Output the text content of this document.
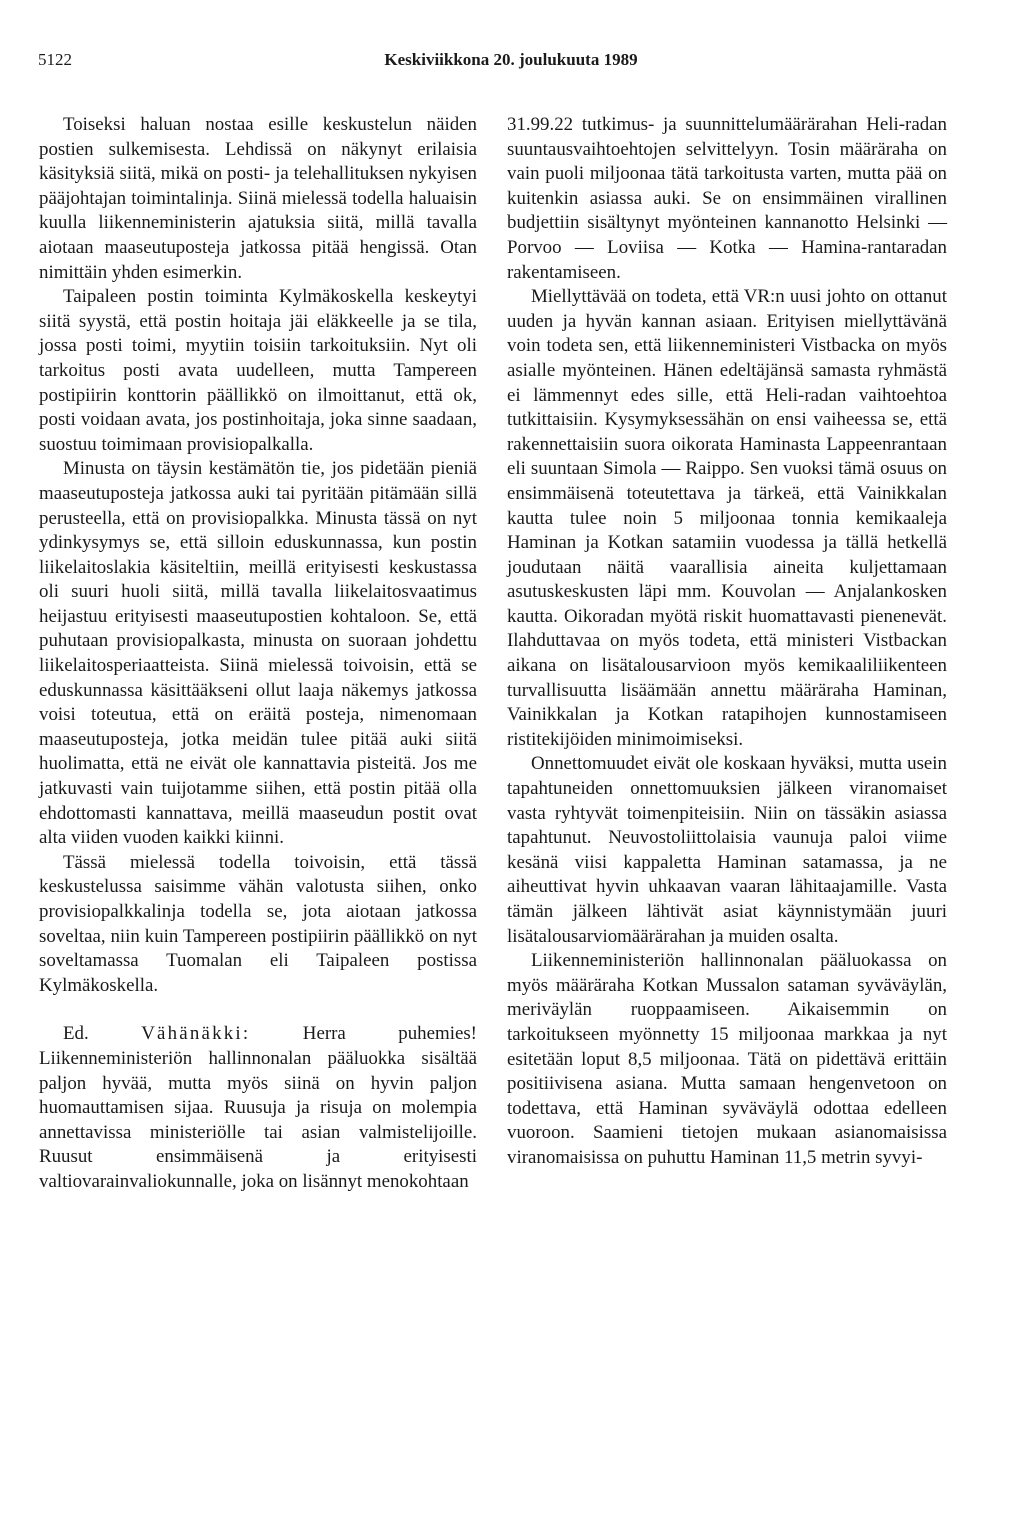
5122	Keskiviikkona 20. joulukuuta 1989

Toiseksi haluan nostaa esille keskustelun näiden postien sulkemisesta. Lehdissä on näkynyt erilaisia käsityksiä siitä, mikä on posti- ja telehallituksen nykyisen pääjohtajan toimintalinja. Siinä mielessä todella haluaisin kuulla liikenneministerin ajatuksia siitä, millä tavalla aiotaan maaseutuposteja jatkossa pitää hengissä. Otan nimittäin yhden esimerkin.

Taipaleen postin toiminta Kylmäkoskella keskeytyi siitä syystä, että postin hoitaja jäi eläkkeelle ja se tila, jossa posti toimi, myytiin toisiin tarkoituksiin. Nyt oli tarkoitus posti avata uudelleen, mutta Tampereen postipiirin konttorin päällikkö on ilmoittanut, että ok, posti voidaan avata, jos postinhoitaja, joka sinne saadaan, suostuu toimimaan provisiopalkalla.

Minusta on täysin kestämätön tie, jos pidetään pieniä maaseutuposteja jatkossa auki tai pyritään pitämään sillä perusteella, että on provisiopalkka. Minusta tässä on nyt ydinkysymys se, että silloin eduskunnassa, kun postin liikelaitoslakia käsiteltiin, meillä erityisesti keskustassa oli suuri huoli siitä, millä tavalla liikelaitosvaatimus heijastuu erityisesti maaseutupostien kohtaloon. Se, että puhutaan provisiopalkasta, minusta on suoraan johdettu liikelaitosperiaatteista. Siinä mielessä toivoisin, että se eduskunnassa käsittääkseni ollut laaja näkemys jatkossa voisi toteutua, että on eräitä posteja, nimenomaan maaseutuposteja, jotka meidän tulee pitää auki siitä huolimatta, että ne eivät ole kannattavia pisteitä. Jos me jatkuvasti vain tuijotamme siihen, että postin pitää olla ehdottomasti kannattava, meillä maaseudun postit ovat alta viiden vuoden kaikki kiinni.

Tässä mielessä todella toivoisin, että tässä keskustelussa saisimme vähän valotusta siihen, onko provisiopalkkalinja todella se, jota aiotaan jatkossa soveltaa, niin kuin Tampereen postipiirin päällikkö on nyt soveltamassa Tuomalan eli Taipaleen postissa Kylmäkoskella.

Ed.	Vähänäkki:	Herra puhemies! Liikenneministeriön hallinnonalan pääluokka sisältää paljon hyvää, mutta myös siinä on hyvin paljon huomauttamisen sijaa. Ruusuja ja risuja on molempia annettavissa ministeriölle tai asian valmistelijoille. Ruusut ensimmäisenä ja erityisesti valtiovarainvaliokunnalle, joka on lisännyt menokohtaan

31.99.22 tutkimus- ja suunnittelumäärärahan Heli-radan suuntausvaihtoehtojen selvittelyyn. Tosin määräraha on vain puoli miljoonaa tätä tarkoitusta varten, mutta pää on kuitenkin asiassa auki. Se on ensimmäinen virallinen budjettiin sisältynyt myönteinen kannanotto Helsinki — Porvoo — Loviisa — Kotka — Hamina-rantaradan rakentamiseen.

Miellyttävää on todeta, että VR:n uusi johto on ottanut uuden ja hyvän kannan asiaan. Erityisen miellyttävänä voin todeta sen, että liikenneministeri Vistbacka on myös asialle myönteinen. Hänen edeltäjänsä samasta ryhmästä ei lämmennyt edes sille, että Heli-radan vaihtoehtoa tutkittaisiin. Kysymyksessähän on ensi vaiheessa se, että rakennettaisiin suora oikorata Haminasta Lappeenrantaan eli suuntaan Simola — Raippo. Sen vuoksi tämä osuus on ensimmäisenä toteutettava ja tärkeä, että Vainikkalan kautta tulee noin 5 miljoonaa tonnia kemikaaleja Haminan ja Kotkan satamiin vuodessa ja tällä hetkellä joudutaan näitä vaarallisia aineita kuljettamaan asutuskeskusten läpi mm. Kouvolan — Anjalankosken kautta. Oikoradan myötä riskit huomattavasti pienenevät. Ilahduttavaa on myös todeta, että ministeri Vistbackan aikana on lisätalousarvioon myös kemikaaliliikenteen turvallisuutta lisäämään annettu määräraha Haminan, Vainikkalan ja Kotkan ratapihojen kunnostamiseen ristitekijöiden minimoimiseksi.

Onnettomuudet eivät ole koskaan hyväksi, mutta usein tapahtuneiden onnettomuuksien jälkeen viranomaiset vasta ryhtyvät toimenpiteisiin. Niin on tässäkin asiassa tapahtunut. Neuvostoliittolaisia vaunuja paloi viime kesänä viisi kappaletta Haminan satamassa, ja ne aiheuttivat hyvin uhkaavan vaaran lähitaajamille. Vasta tämän jälkeen lähtivät asiat käynnistymään juuri lisätalousarviomäärärahan ja muiden osalta.

Liikenneministeriön hallinnonalan pääluokassa on myös määräraha Kotkan Mussalon sataman syväväylän, meriväylän ruoppaamiseen. Aikaisemmin on tarkoitukseen myönnetty 15 miljoonaa markkaa ja nyt esitetään loput 8,5 miljoonaa. Tätä on pidettävä erittäin positiivisena asiana. Mutta samaan hengenvetoon on todettava, että Haminan syväväylä odottaa edelleen vuoroon. Saamieni tietojen mukaan asianomaisissa viranomaisissa on puhuttu Haminan 11,5 metrin syvyi-
